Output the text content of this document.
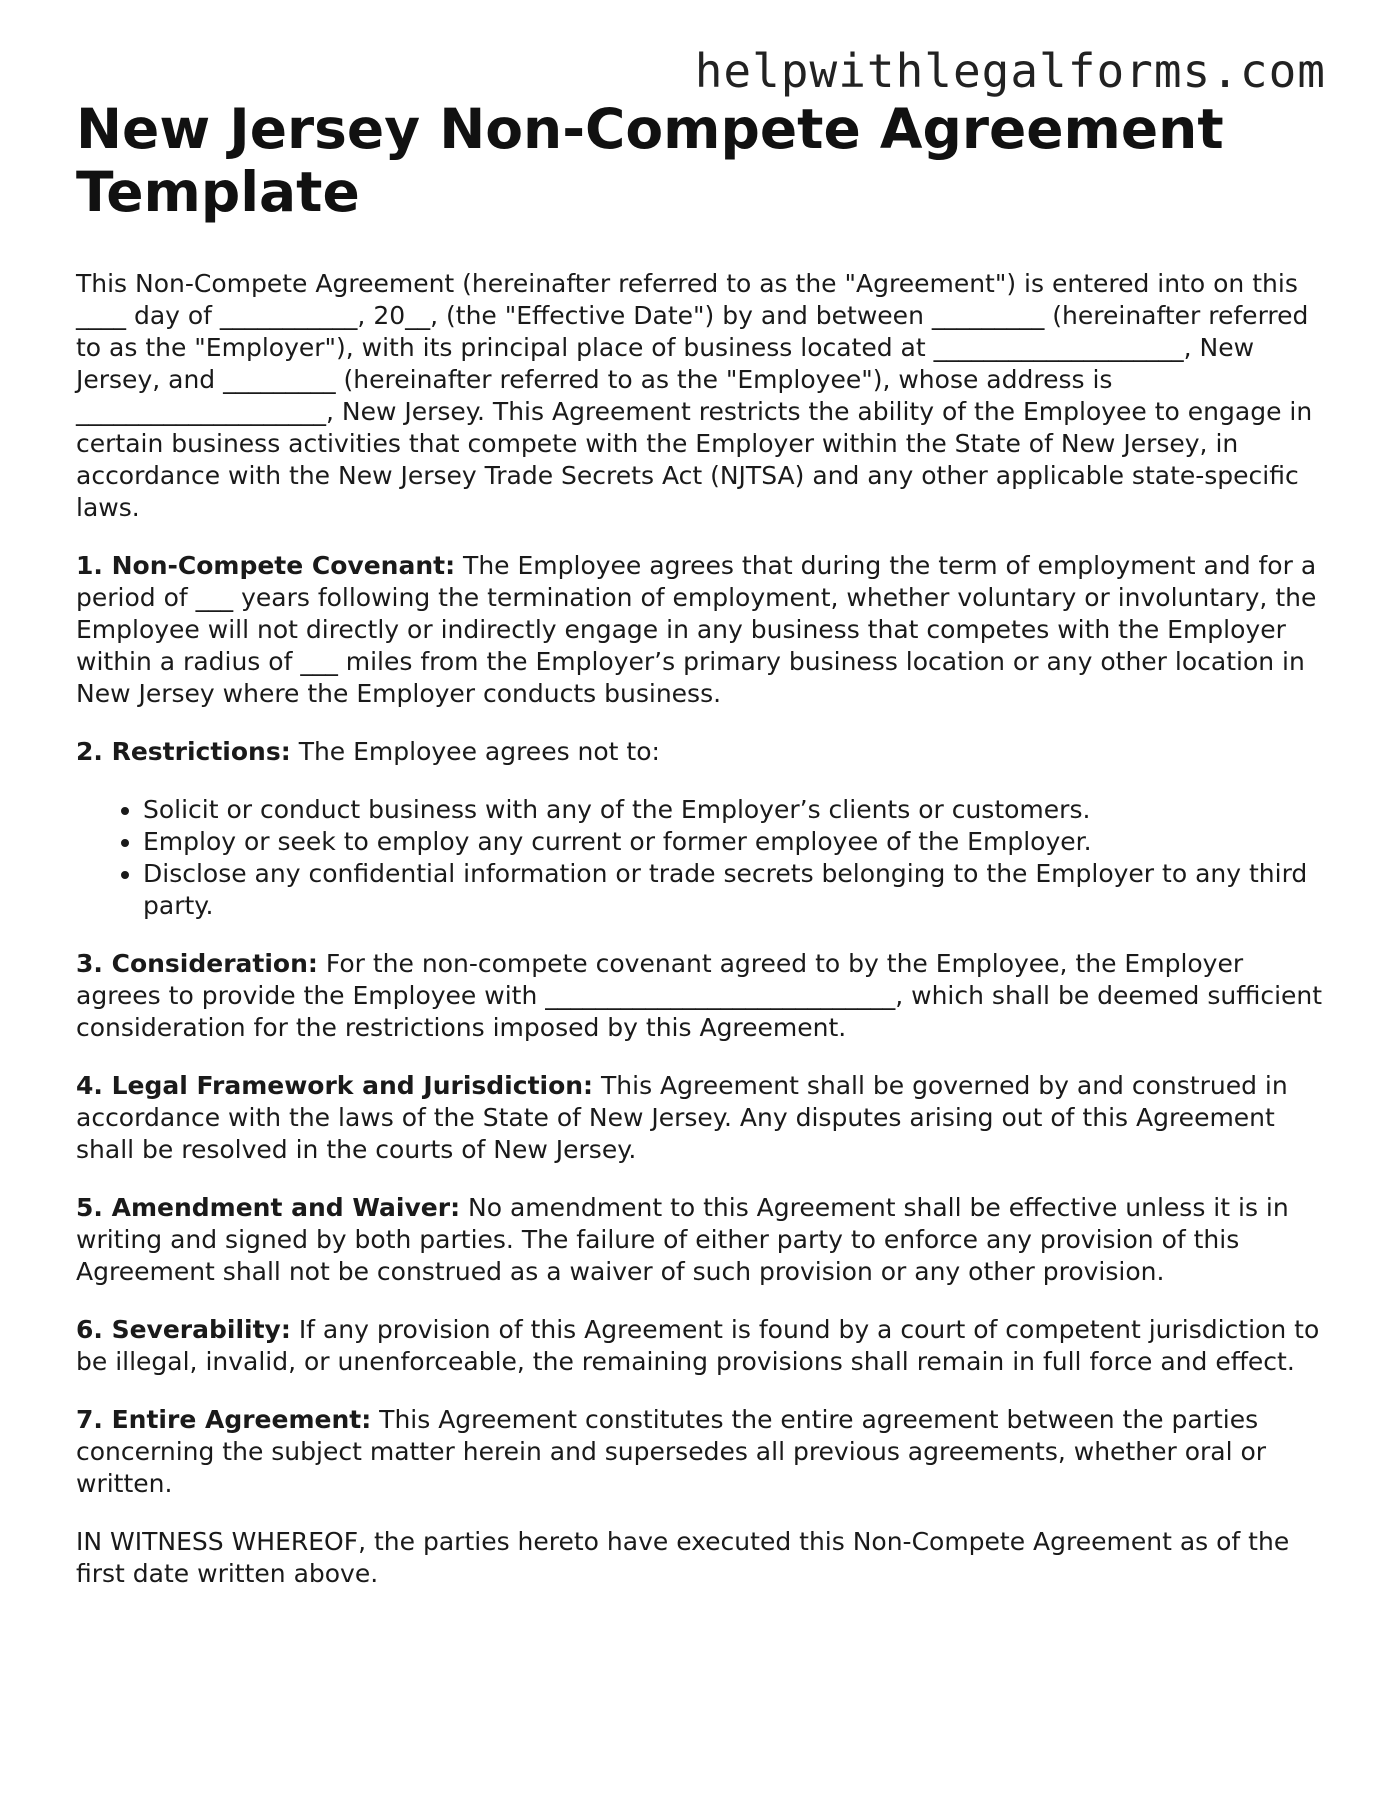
helpwithlegalforms.com
New Jersey Non-Compete Agreement Template

This Non-Compete Agreement (hereinafter referred to as the "Agreement") is entered into on this ____ day of ___________, 20__, (the "Effective Date") by and between _________ (hereinafter referred to as the "Employer"), with its principal place of business located at ____________________, New Jersey, and _________ (hereinafter referred to as the "Employee"), whose address is ____________________, New Jersey. This Agreement restricts the ability of the Employee to engage in certain business activities that compete with the Employer within the State of New Jersey, in accordance with the New Jersey Trade Secrets Act (NJTSA) and any other applicable state-specific laws.

1. Non-Compete Covenant: The Employee agrees that during the term of employment and for a period of ___ years following the termination of employment, whether voluntary or involuntary, the Employee will not directly or indirectly engage in any business that competes with the Employer within a radius of ___ miles from the Employer’s primary business location or any other location in New Jersey where the Employer conducts business.

2. Restrictions: The Employee agrees not to:

• Solicit or conduct business with any of the Employer’s clients or customers.
• Employ or seek to employ any current or former employee of the Employer.
• Disclose any confidential information or trade secrets belonging to the Employer to any third party.

3. Consideration: For the non-compete covenant agreed to by the Employee, the Employer agrees to provide the Employee with ____________________________, which shall be deemed sufficient consideration for the restrictions imposed by this Agreement.

4. Legal Framework and Jurisdiction: This Agreement shall be governed by and construed in accordance with the laws of the State of New Jersey. Any disputes arising out of this Agreement shall be resolved in the courts of New Jersey.

5. Amendment and Waiver: No amendment to this Agreement shall be effective unless it is in writing and signed by both parties. The failure of either party to enforce any provision of this Agreement shall not be construed as a waiver of such provision or any other provision.

6. Severability: If any provision of this Agreement is found by a court of competent jurisdiction to be illegal, invalid, or unenforceable, the remaining provisions shall remain in full force and effect.

7. Entire Agreement: This Agreement constitutes the entire agreement between the parties concerning the subject matter herein and supersedes all previous agreements, whether oral or written.

IN WITNESS WHEREOF, the parties hereto have executed this Non-Compete Agreement as of the first date written above.
